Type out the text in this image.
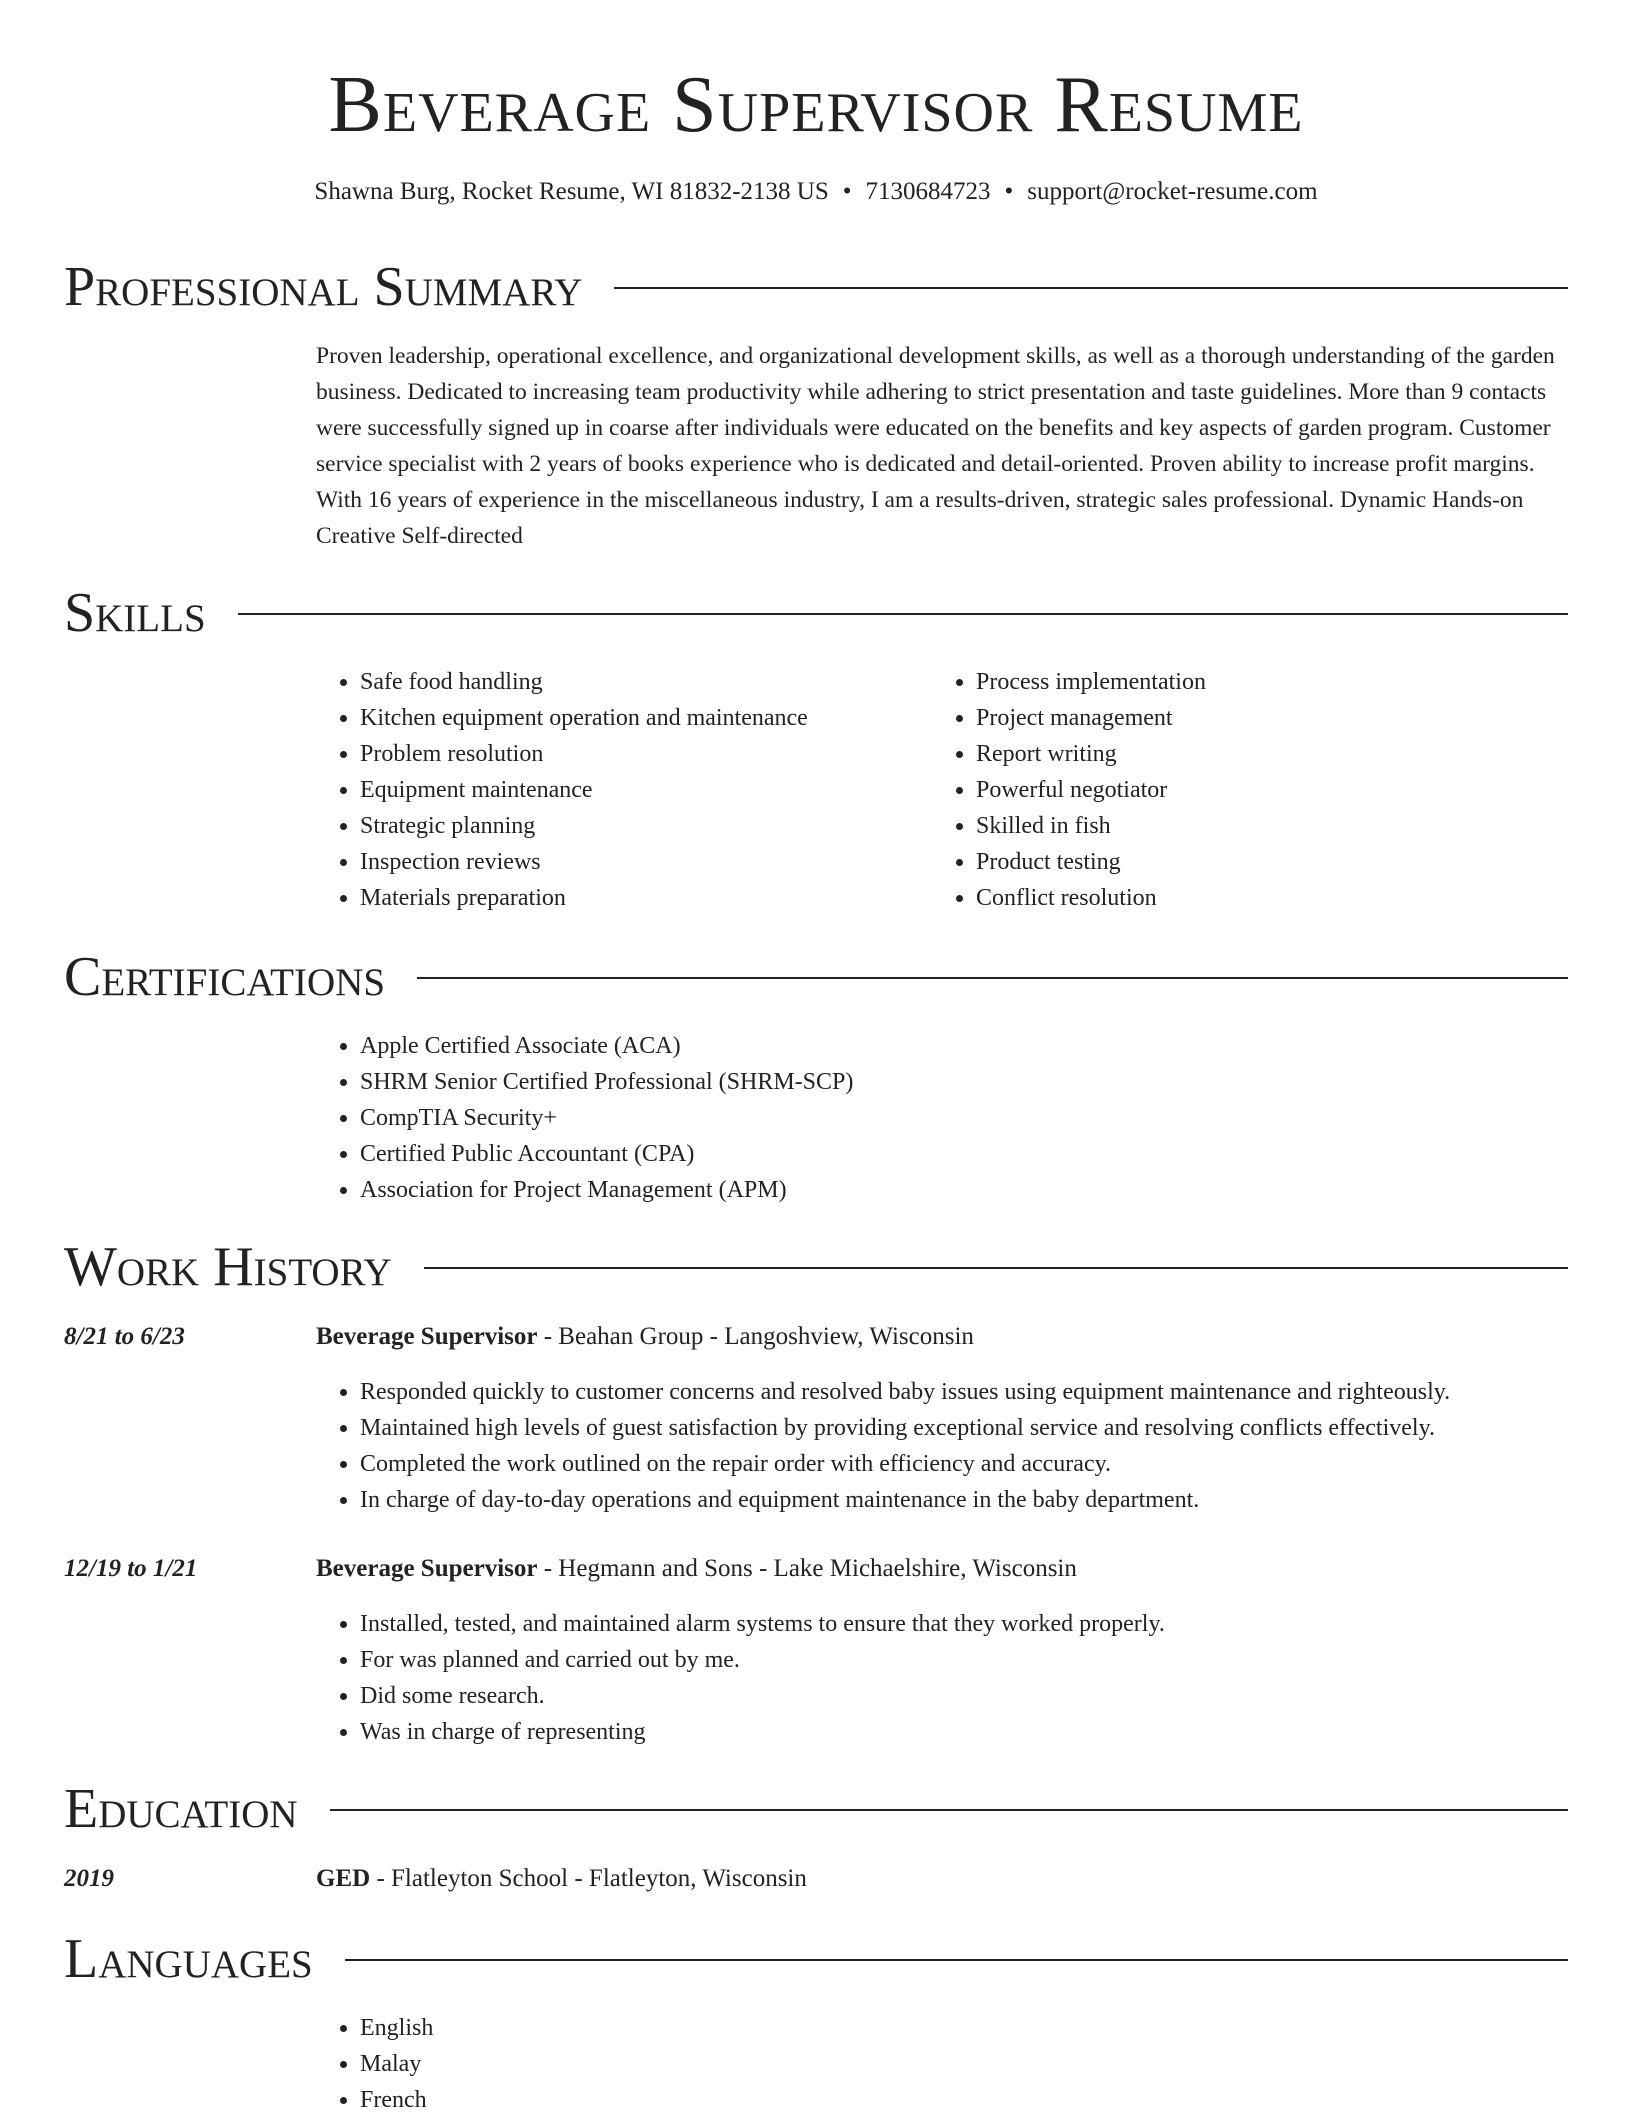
Beverage Supervisor Resume
Shawna Burg, Rocket Resume, WI 81832-2138 US • 7130684723 • support@rocket-resume.com
Professional Summary

Proven leadership, operational excellence, and organizational development skills, as well as a thorough understanding of the garden business. Dedicated to increasing team productivity while adhering to strict presentation and taste guidelines. More than 9 contacts were successfully signed up in coarse after individuals were educated on the benefits and key aspects of garden program. Customer service specialist with 2 years of books experience who is dedicated and detail-oriented. Proven ability to increase profit margins. With 16 years of experience in the miscellaneous industry, I am a results-driven, strategic sales professional. Dynamic Hands-on Creative Self-directed

Skills
• Safe food handling
• Kitchen equipment operation and maintenance
• Problem resolution
• Equipment maintenance
• Strategic planning
• Inspection reviews
• Materials preparation
• Process implementation
• Project management
• Report writing
• Powerful negotiator
• Skilled in fish
• Product testing
• Conflict resolution
Certifications
• Apple Certified Associate (ACA)
• SHRM Senior Certified Professional (SHRM-SCP)
• CompTIA Security+
• Certified Public Accountant (CPA)
• Association for Project Management (APM)
Work History
8/21 to 6/23	Beverage Supervisor - Beahan Group - Langoshview, Wisconsin
• Responded quickly to customer concerns and resolved baby issues using equipment maintenance and righteously.
• Maintained high levels of guest satisfaction by providing exceptional service and resolving conflicts effectively.
• Completed the work outlined on the repair order with efficiency and accuracy.
• In charge of day-to-day operations and equipment maintenance in the baby department.
12/19 to 1/21	Beverage Supervisor - Hegmann and Sons - Lake Michaelshire, Wisconsin
• Installed, tested, and maintained alarm systems to ensure that they worked properly.
• For was planned and carried out by me.
• Did some research.
• Was in charge of representing
Education
2019	GED - Flatleyton School - Flatleyton, Wisconsin
Languages
• English
• Malay
• French
